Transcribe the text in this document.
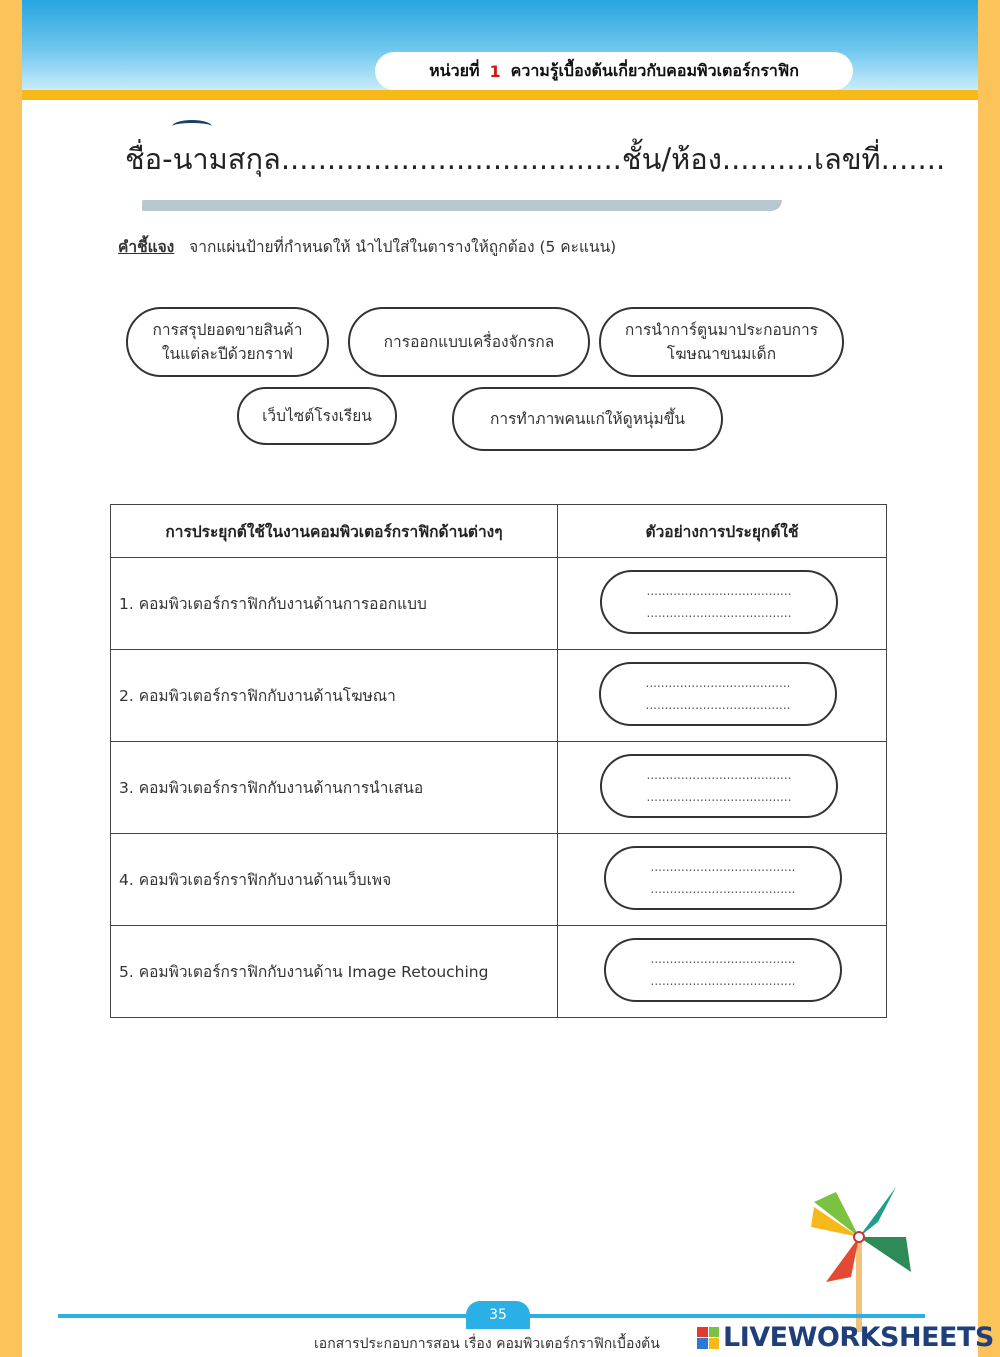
หน่วยที่ 1 ความรู้เบื้องต้นเกี่ยวกับคอมพิวเตอร์กราฟิก
ชื่อ-นามสกุล.....................................ชั้น/ห้อง..........เลขที่.......
คำชี้แจง จากแผ่นป้ายที่กำหนดให้ นำไปใส่ในตารางให้ถูกต้อง (5 คะแนน)
การสรุปยอดขายสินค้า
ในแต่ละปีด้วยกราฟ
การออกแบบเครื่องจักรกล
การนำการ์ตูนมาประกอบการ
โฆษณาขนมเด็ก
เว็บไซต์โรงเรียน	การทำภาพคนแก่ให้ดูหนุ่มขึ้น
การประยุกต์ใช้ในงานคอมพิวเตอร์กราฟิกด้านต่างๆ	ตัวอย่างการประยุกต์ใช้
1. คอมพิวเตอร์กราฟิกกับงานด้านการออกแบบ	......................................
......................................

2. คอมพิวเตอร์กราฟิกกับงานด้านโฆษณา	......................................
......................................

3. คอมพิวเตอร์กราฟิกกับงานด้านการนำเสนอ	......................................
......................................

4. คอมพิวเตอร์กราฟิกกับงานด้านเว็บเพจ	......................................
......................................

5. คอมพิวเตอร์กราฟิกกับงานด้าน Image Retouching	......................................
......................................
35
เอกสารประกอบการสอน เรื่อง คอมพิวเตอร์กราฟิกเบื้องต้น LIVEWORKSHEETS
